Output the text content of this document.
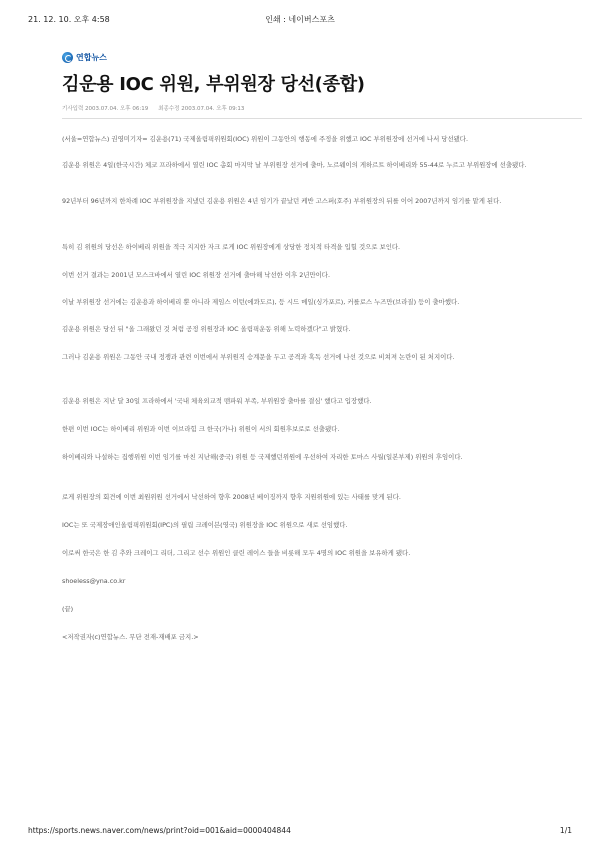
21. 12. 10. 오후 4:58	인쇄 : 네이버스포츠
연합뉴스
김운용 IOC 위원, 부위원장 당선(종합)
기사입력 2003.07.04. 오후 06:19 최종수정 2003.07.04. 오후 09:13

(서울=연합뉴스) 권영미기자= 김운용(71) 국제올림픽위원회(IOC) 위원이 그동안의 행동에 주정을 위했고 IOC 부위원장에 선거에 나서 당선됐다.

김운용 위원은 4일(한국시간) 체코 프라하에서 열린 IOC 총회 마지막 날 부위원장 선거에 출마, 노르웨이의 게하르트 하이베리와 55-44로 누르고 부위원장에 선출됐다.

92년부터 96년까지 한차례 IOC 부위원장을 지냈던 김운용 위원은 4년 임기가 끝났던 케반 고스퍼(호주) 부위원장의 뒤를 이어 2007년까지 임기를 맡게 된다.

특히 김 위원의 당선은 하이베리 위원을 적극 지지한 자크 로게 IOC 위원장에게 상당한 정치적 타격을 입힐 것으로 보인다.

이번 선거 결과는 2001년 모스크바에서 열린 IOC 위원장 선거에 출마해 낙선한 이후 2년만이다.

이날 부위원장 선거에는 김운용과 하이베리 뿐 아니라 제임스 이턴(에콰도르), 등 시드 메일(싱가포르), 커를로스 누즈만(브라질) 등이 출마했다.

김운용 위원은 당선 뒤 "올 그래왔던 것 처럼 공정 위원장과 IOC 올림픽운동 위해 노력하겠다"고 밝혔다.

그러나 김운용 위원은 그동안 국내 정쟁과 관련 이번에서 부위원직 승계문을 두고 공격과 혹독 선거에 나선 것으로 비쳐져 논란이 된 처지이다.

김운용 위원은 지난 달 30일 프라하에서 '국내 체육외교적 맨파워 부족, 부위원장 출마를 결심' 했다고 입장했다.

한편 이번 IOC는 하이베리 위원과 이번 이브라힘 크 한국(가나) 위원이 서의 회원후보로로 선출됐다.

하이베리와 나설하는 집행위원 이번 임기를 마친 지난해(중국) 위원 등 국제했던위원에 우선하여 자리한 토마스 사월(일본부제) 위원의 후임이다.

로게 위원장의 회견에 이번 최원위원 선거에서 낙선하여 향후 2008년 베이징까지 향후 지원위원에 있는 사태를 맞게 된다.

IOC는 또 국제장애인올림픽위원회(IPC)의 필립 크레이븐(영국) 위원장을 IOC 위원으로 새로 선임했다.

이로써 한국은 한 김 추와 크레이그 리더, 그리고 선수 위원인 클린 레이스 들을 비롯해 모두 4명의 IOC 위원을 보유하게 됐다.

shoeless@yna.co.kr

(끝)

<저작권자(c)연합뉴스. 무단 전재-재배포 금지.>

https://sports.news.naver.com/news/print?oid=001&aid=0000404844	1/1
